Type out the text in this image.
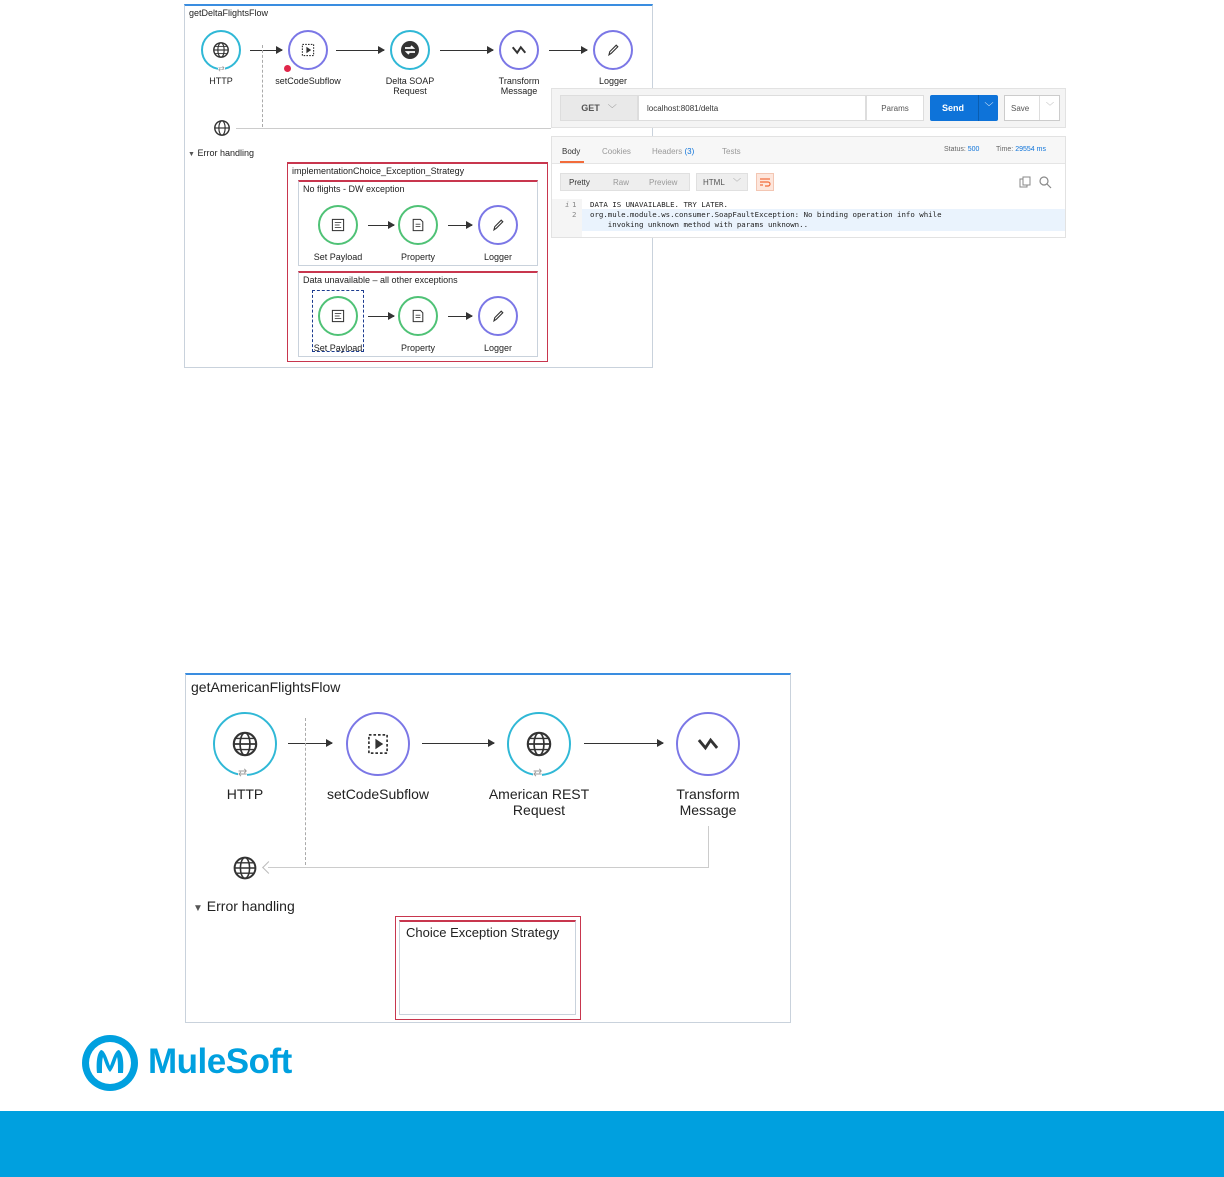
getDeltaFlightsFlow
⇄
HTTP	setCodeSubflow	Delta SOAP
Request
Transform
Message
Logger
▼ Error handling
implementationChoice_Exception_Strategy
No flights - DW exception
Set Payload	Property	Logger
Data unavailable – all other exceptions
Set Payload	Property	Logger
GET ﹀	localhost:8081/delta	Params	Send	﹀	Save	﹀
Body	Cookies	Headers (3)	Tests	Status: 500 Time: 29554 ms
Pretty	Raw Preview	HTML ﹀
i 1 DATA IS UNAVAILABLE. TRY LATER.
2 org.mule.module.ws.consumer.SoapFaultException: No binding operation info while
invoking unknown method with params unknown..
getAmericanFlightsFlow
⇄
HTTP	setCodeSubflow
⇄
American REST
Request
Transform
Message
▼ Error handling
Choice Exception Strategy
MuleSoft
